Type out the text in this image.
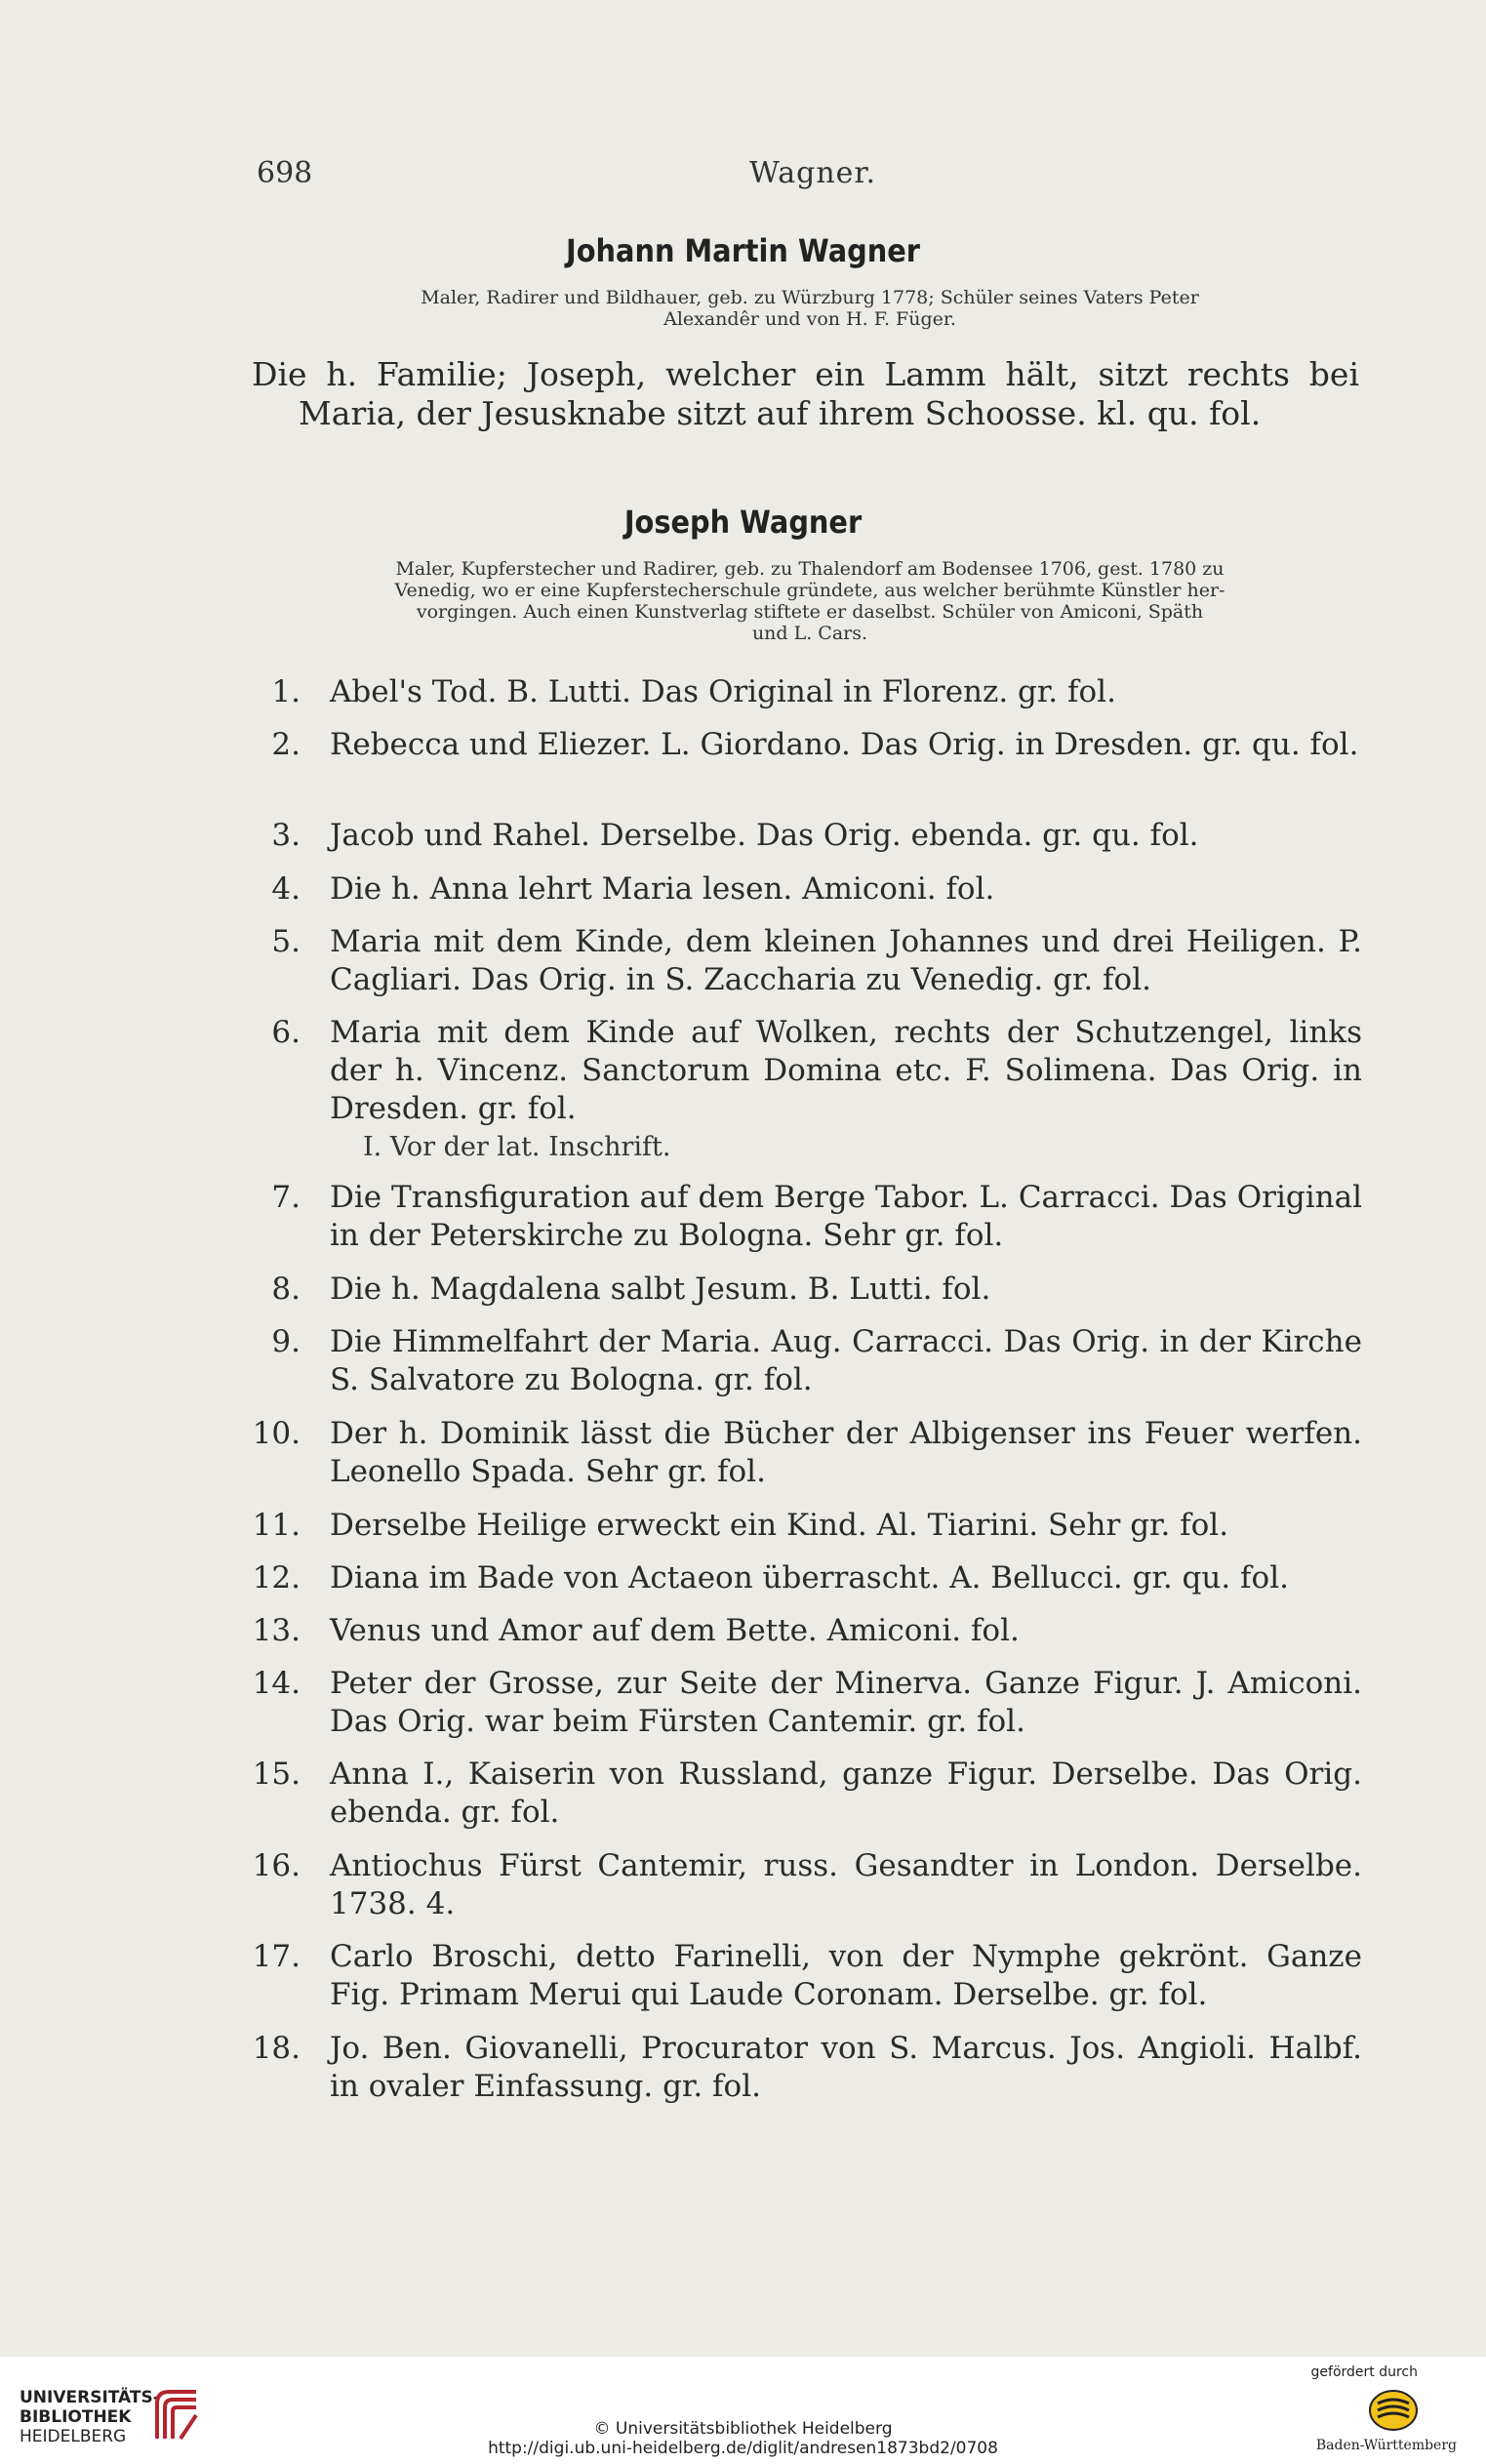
698	Wagner.
Johann Martin Wagner
Maler, Radirer und Bildhauer, geb. zu Würzburg 1778; Schüler seines Vaters Peter
Alexandêr und von H. F. Füger.
Die h. Familie; Joseph, welcher ein Lamm hält, sitzt rechts bei Maria, der Jesusknabe sitzt auf ihrem Schoosse. kl. qu. fol.
Joseph Wagner
Maler, Kupferstecher und Radirer, geb. zu Thalendorf am Bodensee 1706, gest. 1780 zu
Venedig, wo er eine Kupferstecherschule gründete, aus welcher berühmte Künstler her-
vorgingen. Auch einen Kunstverlag stiftete er daselbst. Schüler von Amiconi, Späth
und L. Cars.
1. Abel's Tod. B. Lutti. Das Original in Florenz. gr. fol.
2. Rebecca und Eliezer. L. Giordano. Das Orig. in Dresden. gr. qu. fol.
3. Jacob und Rahel. Derselbe. Das Orig. ebenda. gr. qu. fol.
4. Die h. Anna lehrt Maria lesen. Amiconi. fol.
5. Maria mit dem Kinde, dem kleinen Johannes und drei Heiligen. P. Cagliari. Das Orig. in S. Zaccharia zu Venedig. gr. fol.
6. Maria mit dem Kinde auf Wolken, rechts der Schutzengel, links der h. Vincenz. Sanctorum Domina etc. F. Solimena. Das Orig. in Dresden. gr. fol.
I. Vor der lat. Inschrift.
7. Die Transfiguration auf dem Berge Tabor. L. Carracci. Das Original in der Peterskirche zu Bologna. Sehr gr. fol.
8. Die h. Magdalena salbt Jesum. B. Lutti. fol.
9. Die Himmelfahrt der Maria. Aug. Carracci. Das Orig. in der Kirche S. Salvatore zu Bologna. gr. fol.
10. Der h. Dominik lässt die Bücher der Albigenser ins Feuer werfen. Leonello Spada. Sehr gr. fol.
11. Derselbe Heilige erweckt ein Kind. Al. Tiarini. Sehr gr. fol.
12. Diana im Bade von Actaeon überrascht. A. Bellucci. gr. qu. fol.
13. Venus und Amor auf dem Bette. Amiconi. fol.
14. Peter der Grosse, zur Seite der Minerva. Ganze Figur. J. Amiconi. Das Orig. war beim Fürsten Cantemir. gr. fol.
15. Anna I., Kaiserin von Russland, ganze Figur. Derselbe. Das Orig. ebenda. gr. fol.
16. Antiochus Fürst Cantemir, russ. Gesandter in London. Derselbe. 1738. 4.
17. Carlo Broschi, detto Farinelli, von der Nymphe gekrönt. Ganze Fig. Primam Merui qui Laude Coronam. Derselbe. gr. fol.
18. Jo. Ben. Giovanelli, Procurator von S. Marcus. Jos. Angioli. Halbf. in ovaler Einfassung. gr. fol.
UNIVERSITÄTS-
BIBLIOTHEK
HEIDELBERG	© Universitätsbibliothek Heidelberg
http://digi.ub.uni-heidelberg.de/diglit/andresen1873bd2/0708
gefördert durch
Baden-Württemberg
